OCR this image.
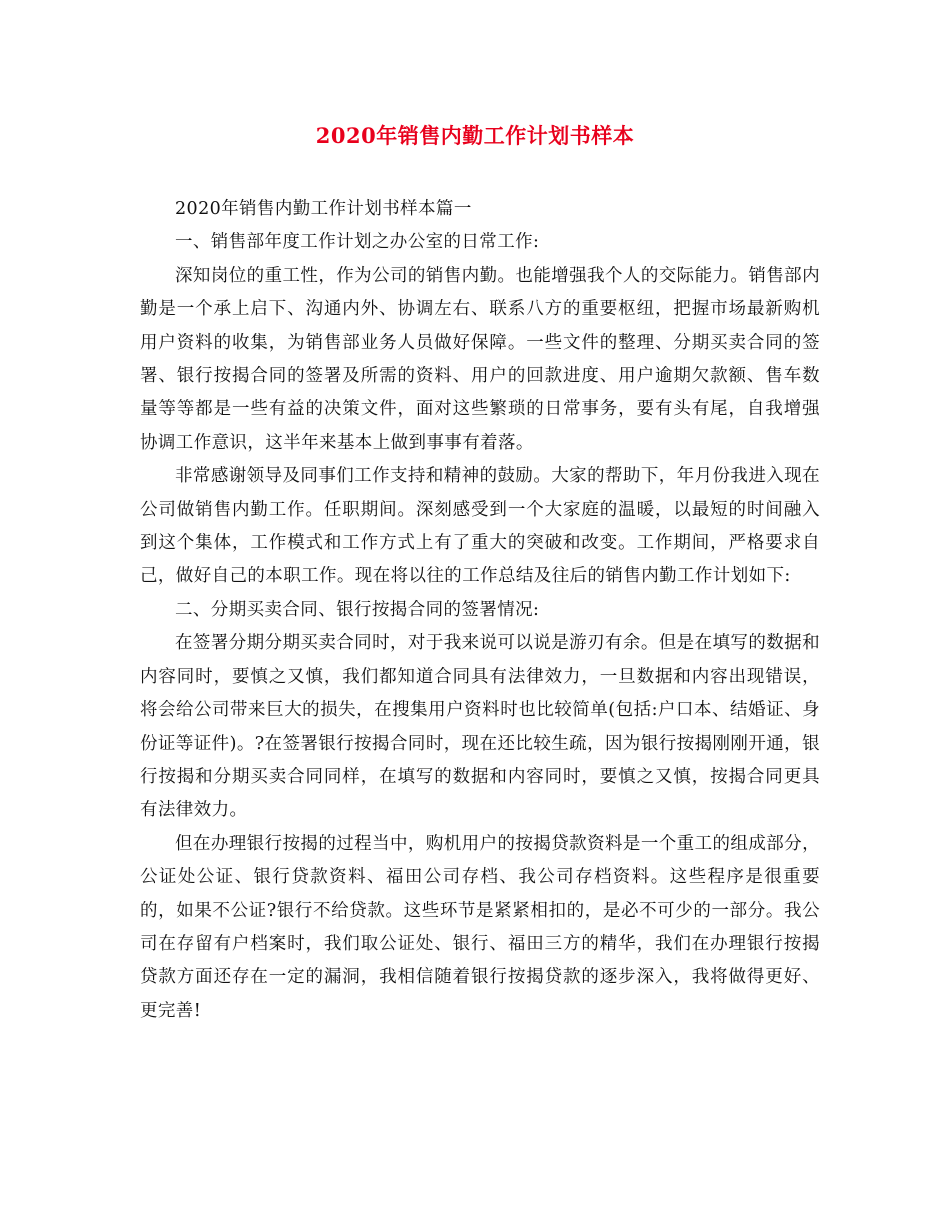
2020年销售内勤工作计划书样本

2020年销售内勤工作计划书样本篇一

一、销售部年度工作计划之办公室的日常工作:

深知岗位的重工性，作为公司的销售内勤。也能增强我个人的交际能力。销售部内勤是一个承上启下、沟通内外、协调左右、联系八方的重要枢纽，把握市场最新购机用户资料的收集，为销售部业务人员做好保障。一些文件的整理、分期买卖合同的签署、银行按揭合同的签署及所需的资料、用户的回款进度、用户逾期欠款额、售车数量等等都是一些有益的决策文件，面对这些繁琐的日常事务，要有头有尾，自我增强协调工作意识，这半年来基本上做到事事有着落。

非常感谢领导及同事们工作支持和精神的鼓励。大家的帮助下，年月份我进入现在公司做销售内勤工作。任职期间。深刻感受到一个大家庭的温暖，以最短的时间融入到这个集体，工作模式和工作方式上有了重大的突破和改变。工作期间，严格要求自己，做好自己的本职工作。现在将以往的工作总结及往后的销售内勤工作计划如下:

二、分期买卖合同、银行按揭合同的签署情况:

在签署分期分期买卖合同时，对于我来说可以说是游刃有余。但是在填写的数据和内容同时，要慎之又慎，我们都知道合同具有法律效力，一旦数据和内容出现错误，将会给公司带来巨大的损失，在搜集用户资料时也比较简单(包括:户口本、结婚证、身份证等证件)。?在签署银行按揭合同时，现在还比较生疏，因为银行按揭刚刚开通，银行按揭和分期买卖合同同样，在填写的数据和内容同时，要慎之又慎，按揭合同更具有法律效力。

但在办理银行按揭的过程当中，购机用户的按揭贷款资料是一个重工的组成部分，公证处公证、银行贷款资料、福田公司存档、我公司存档资料。这些程序是很重要的，如果不公证?银行不给贷款。这些环节是紧紧相扣的，是必不可少的一部分。我公司在存留有户档案时，我们取公证处、银行、福田三方的精华，我们在办理银行按揭贷款方面还存在一定的漏洞，我相信随着银行按揭贷款的逐步深入，我将做得更好、更完善!
